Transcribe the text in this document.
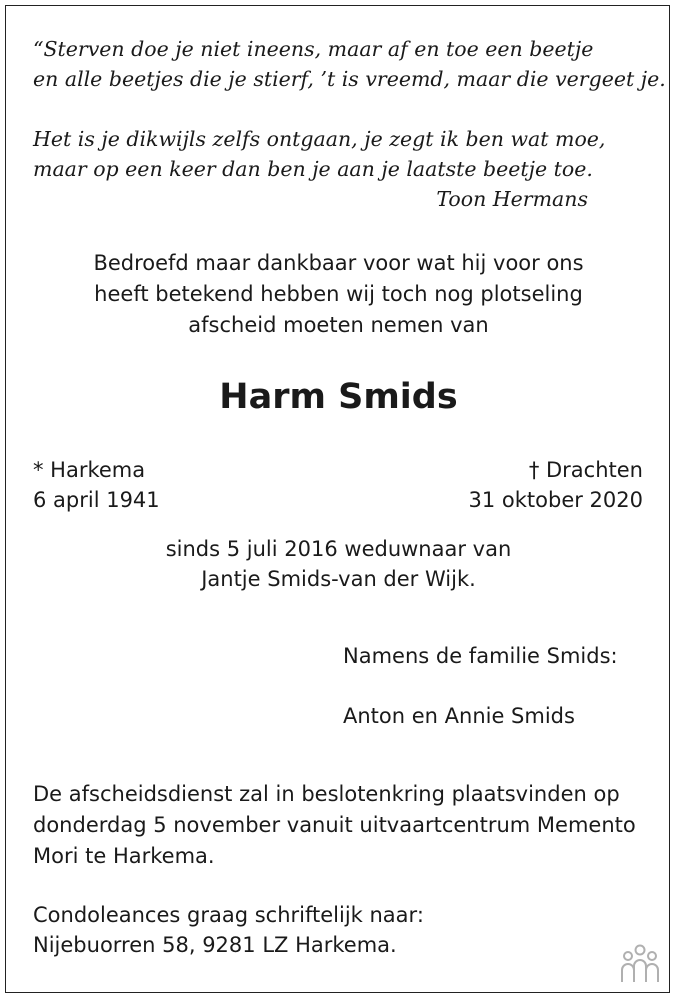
“Sterven doe je niet ineens, maar af en toe een beetje
en alle beetjes die je stierf, ’t is vreemd, maar die vergeet je.
Het is je dikwijls zelfs ontgaan, je zegt ik ben wat moe,
maar op een keer dan ben je aan je laatste beetje toe.
Toon Hermans
Bedroefd maar dankbaar voor wat hij voor ons
heeft betekend hebben wij toch nog plotseling
afscheid moeten nemen van
Harm Smids
* Harkema
6 april 1941
† Drachten
31 oktober 2020
sinds 5 juli 2016 weduwnaar van
Jantje Smids-van der Wijk.
Namens de familie Smids:
Anton en Annie Smids
De afscheidsdienst zal in beslotenkring plaatsvinden op
donderdag 5 november vanuit uitvaartcentrum Memento
Mori te Harkema.
Condoleances graag schriftelijk naar:
Nijebuorren 58, 9281 LZ Harkema.
